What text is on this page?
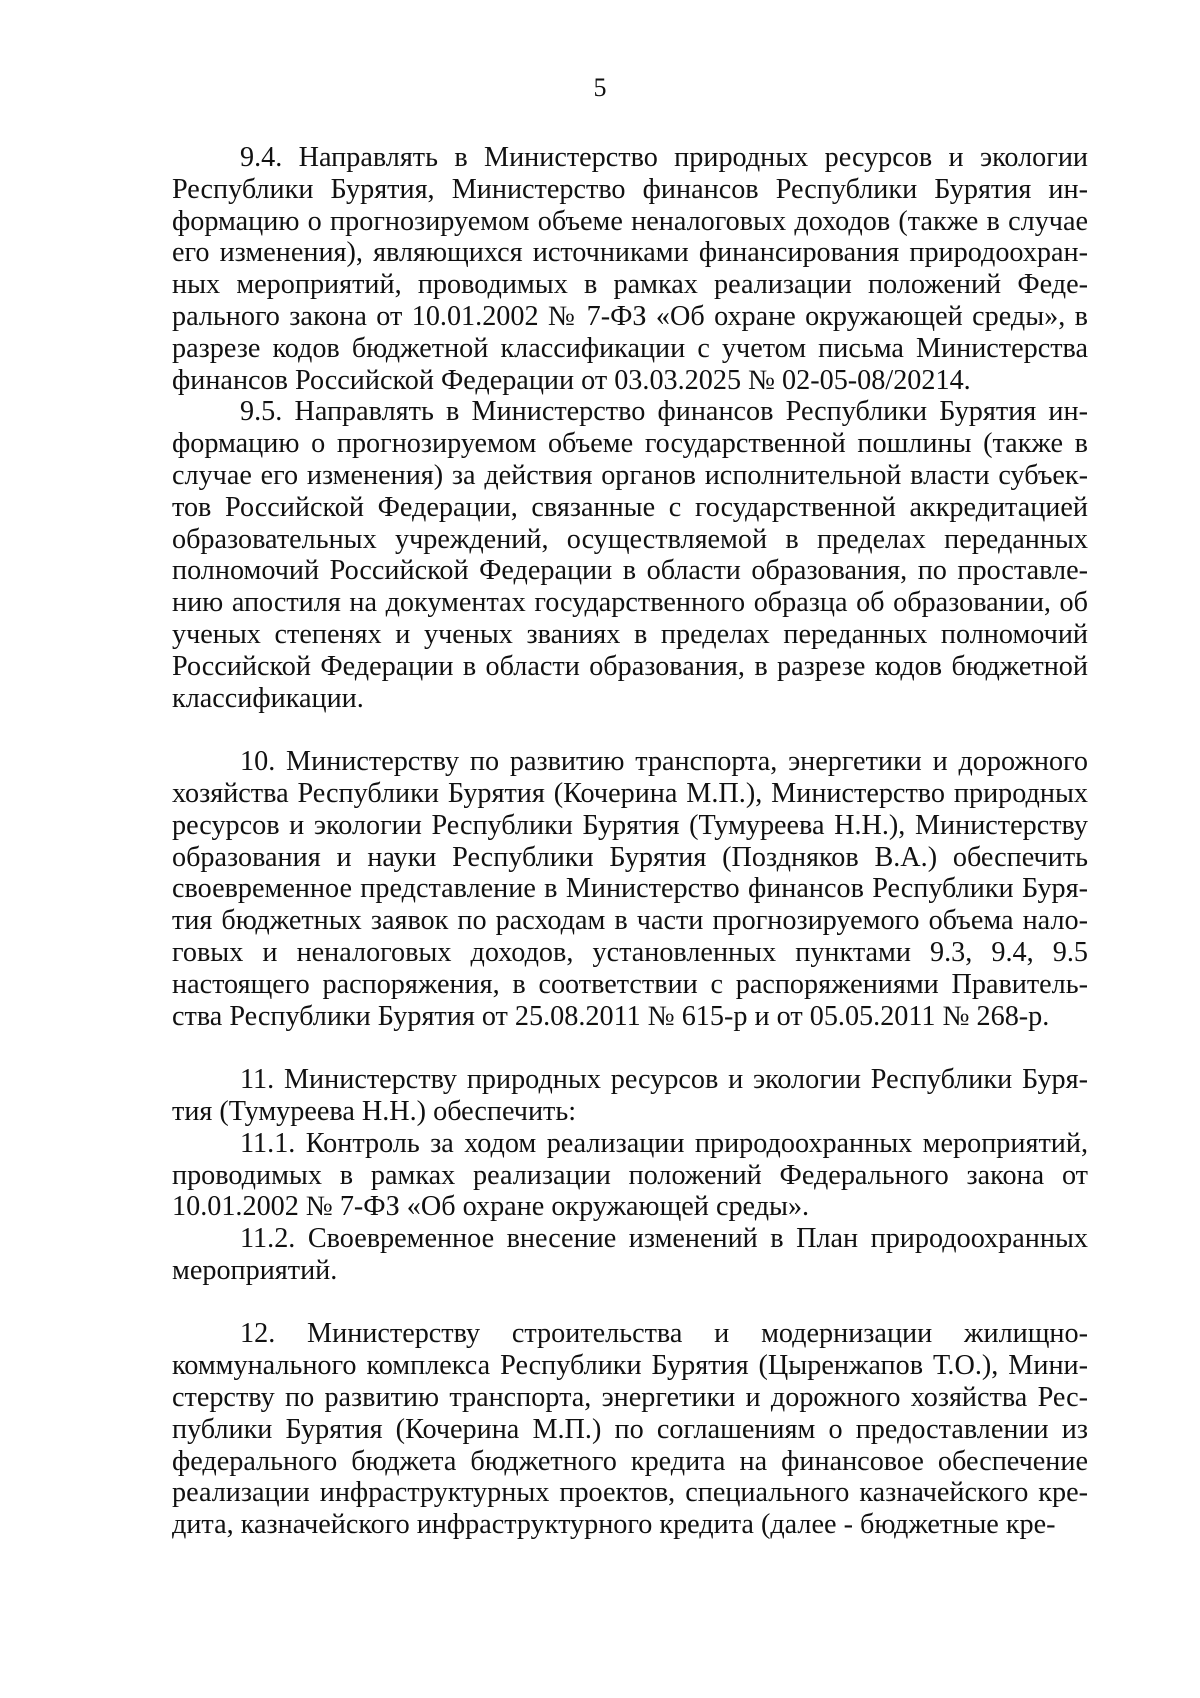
5

9.4. Направлять в Министерство природных ресурсов и экологии Республики Бурятия, Министерство финансов Республики Бурятия информацию о прогнозируемом объеме неналоговых доходов (также в случае его изменения), являющихся источниками финансирования природоохранных мероприятий, проводимых в рамках реализации положений Федерального закона от 10.01.2002 № 7-ФЗ «Об охране окружающей среды», в разрезе кодов бюджетной классификации с учетом письма Министерства финансов Российской Федерации от 03.03.2025 № 02-05-08/20214.

9.5. Направлять в Министерство финансов Республики Бурятия информацию о прогнозируемом объеме государственной пошлины (также в случае его изменения) за действия органов исполнительной власти субъектов Российской Федерации, связанные с государственной аккредитацией образовательных учреждений, осуществляемой в пределах переданных полномочий Российской Федерации в области образования, по проставлению апостиля на документах государственного образца об образовании, об ученых степенях и ученых званиях в пределах переданных полномочий Российской Федерации в области образования, в разрезе кодов бюджетной классификации.

10. Министерству по развитию транспорта, энергетики и дорожного хозяйства Республики Бурятия (Кочерина М.П.), Министерство природных ресурсов и экологии Республики Бурятия (Тумуреева Н.Н.), Министерству образования и науки Республики Бурятия (Поздняков В.А.) обеспечить своевременное представление в Министерство финансов Республики Бурятия бюджетных заявок по расходам в части прогнозируемого объема налоговых и неналоговых доходов, установленных пунктами 9.3, 9.4, 9.5 настоящего распоряжения, в соответствии с распоряжениями Правительства Республики Бурятия от 25.08.2011 № 615-р и от 05.05.2011 № 268-р.

11. Министерству природных ресурсов и экологии Республики Бурятия (Тумуреева Н.Н.) обеспечить:

11.1. Контроль за ходом реализации природоохранных мероприятий, проводимых в рамках реализации положений Федерального закона от 10.01.2002 № 7-ФЗ «Об охране окружающей среды».

11.2. Своевременное внесение изменений в План природоохранных мероприятий.

12. Министерству строительства и модернизации жилищно-коммунального комплекса Республики Бурятия (Цыренжапов Т.О.), Министерству по развитию транспорта, энергетики и дорожного хозяйства Республики Бурятия (Кочерина М.П.) по соглашениям о предоставлении из федерального бюджета бюджетного кредита на финансовое обеспечение реализации инфраструктурных проектов, специального казначейского кредита, казначейского инфраструктурного кредита (далее - бюджетные кре-
